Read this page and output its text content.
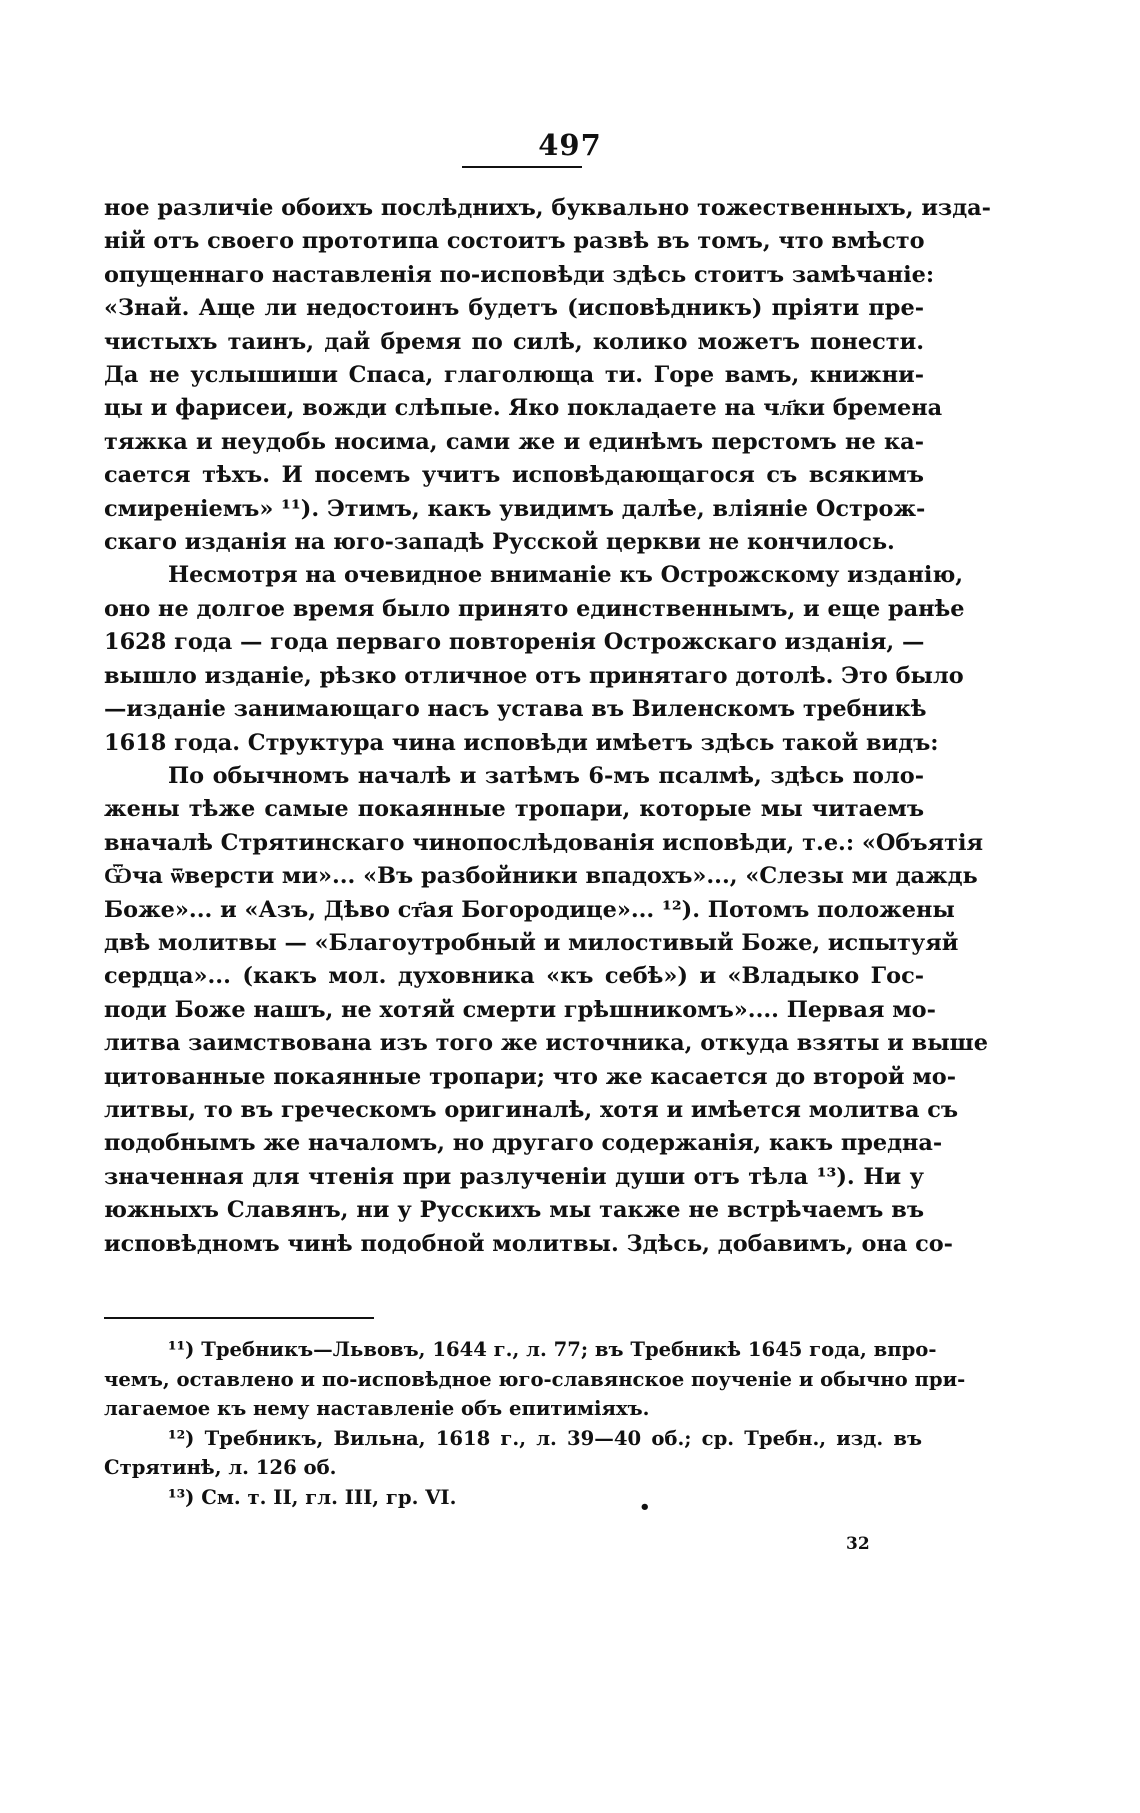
497
ное различіе обоихъ послѣднихъ, буквально тожественныхъ, изда-
ній отъ своего прототипа состоитъ развѣ въ томъ, что вмѣсто
опущеннаго наставленія по-исповѣди здѣсь стоитъ замѣчаніе:
«Знай. Аще ли недостоинъ будетъ (исповѣдникъ) пріяти пре-
чистыхъ таинъ, дай бремя по силѣ, колико можетъ понести.
Да не услышиши Спаса, глаголюща ти. Горе вамъ, книжни-
цы и фарисеи, вожди слѣпые. Яко покладаете на чл҃ки бремена
тяжка и неудобь носима, сами же и единѣмъ перстомъ не ка-
сается тѣхъ. И посемъ учитъ исповѣдающагося съ всякимъ
смиреніемъ» ¹¹). Этимъ, какъ увидимъ далѣе, вліяніе Острож-
скаго изданія на юго-западѣ Русской церкви не кончилось.
Несмотря на очевидное вниманіе къ Острожскому изданію,
оно не долгое время было принято единственнымъ, и еще ранѣе
1628 года — года перваго повторенія Острожскаго изданія, —
вышло изданіе, рѣзко отличное отъ принятаго дотолѣ. Это было
—изданіе занимающаго насъ устава въ Виленскомъ требникѣ
1618 года. Структура чина исповѣди имѣетъ здѣсь такой видъ:
По обычномъ началѣ и затѣмъ 6-мъ псалмѣ, здѣсь поло-
жены тѣже самые покаянные тропари, которые мы читаемъ
вначалѣ Стрятинскаго чинопослѣдованія исповѣди, т.е.: «Объятія
Ѿча ѿверсти ми»... «Въ разбойники впадохъ»..., «Слезы ми даждь
Боже»... и «Азъ, Дѣво ст҃ая Богородице»... ¹²). Потомъ положены
двѣ молитвы — «Благоутробный и милостивый Боже, испытуяй
сердца»... (какъ мол. духовника «къ себѣ») и «Владыко Гос-
поди Боже нашъ, не хотяй смерти грѣшникомъ».... Первая мо-
литва заимствована изъ того же источника, откуда взяты и выше
цитованные покаянные тропари; что же касается до второй мо-
литвы, то въ греческомъ оригиналѣ, хотя и имѣется молитва съ
подобнымъ же началомъ, но другаго содержанія, какъ предна-
значенная для чтенія при разлученіи души отъ тѣла ¹³). Ни у
южныхъ Славянъ, ни у Русскихъ мы также не встрѣчаемъ въ
исповѣдномъ чинѣ подобной молитвы. Здѣсь, добавимъ, она со-
¹¹) Требникъ—Львовъ, 1644 г., л. 77; въ Требникѣ 1645 года, впро-
чемъ, оставлено и по-исповѣдное юго-славянское поученіе и обычно при-
лагаемое къ нему наставленіе объ епитиміяхъ.
¹²) Требникъ, Вильна, 1618 г., л. 39—40 об.; ср. Требн., изд. въ
Стрятинѣ, л. 126 об.
¹³) См. т. II, гл. III, гр. VI.	•
32
